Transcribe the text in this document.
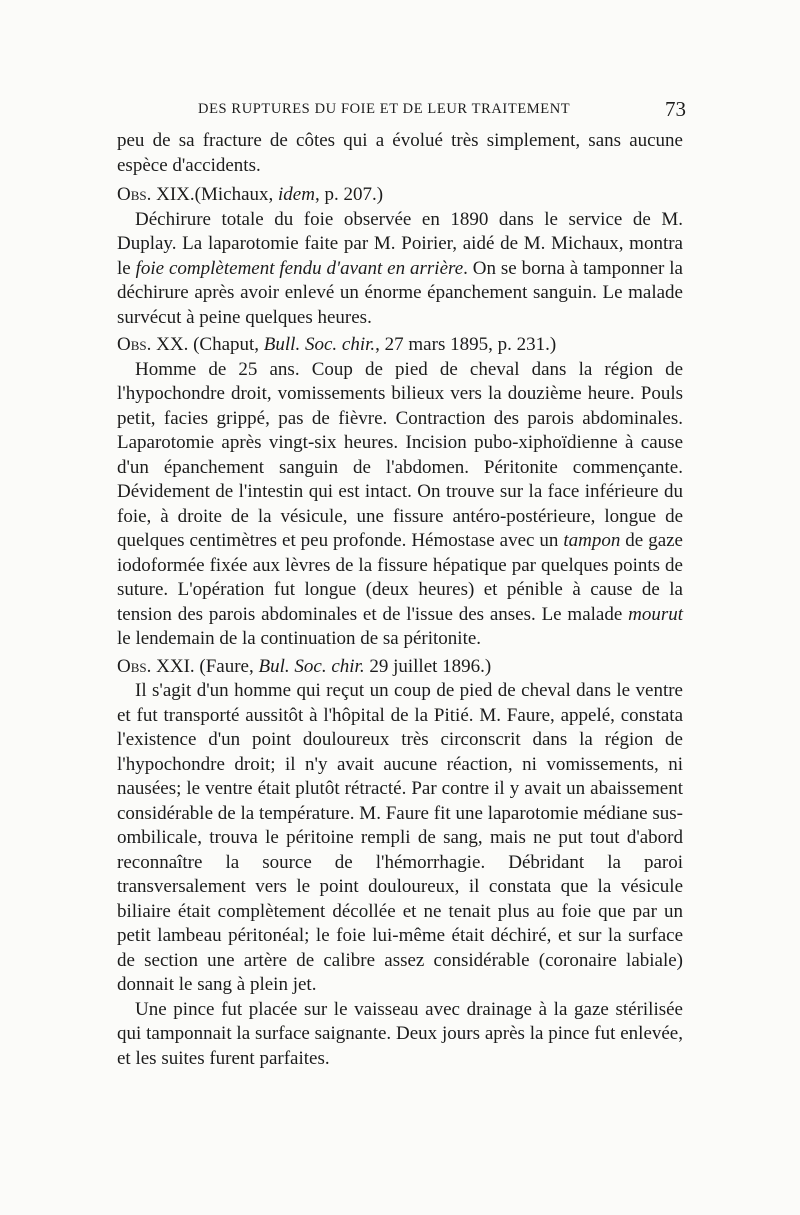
DES RUPTURES DU FOIE ET DE LEUR TRAITEMENT	73

peu de sa fracture de côtes qui a évolué très simplement, sans aucune espèce d'accidents.

Obs. XIX.(Michaux, idem, p. 207.)

Déchirure totale du foie observée en 1890 dans le service de M. Duplay. La laparotomie faite par M. Poirier, aidé de M. Michaux, montra le foie complètement fendu d'avant en arrière. On se borna à tamponner la déchirure après avoir enlevé un énorme épanchement sanguin. Le malade survécut à peine quelques heures.

Obs. XX. (Chaput, Bull. Soc. chir., 27 mars 1895, p. 231.)

Homme de 25 ans. Coup de pied de cheval dans la région de l'hypochondre droit, vomissements bilieux vers la douzième heure. Pouls petit, facies grippé, pas de fièvre. Contraction des parois abdominales. Laparotomie après vingt-six heures. Incision pubo-xiphoïdienne à cause d'un épanchement sanguin de l'abdomen. Péritonite commençante. Dévidement de l'intestin qui est intact. On trouve sur la face inférieure du foie, à droite de la vésicule, une fissure antéro-postérieure, longue de quelques centimètres et peu profonde. Hémostase avec un tampon de gaze iodoformée fixée aux lèvres de la fissure hépatique par quelques points de suture. L'opération fut longue (deux heures) et pénible à cause de la tension des parois abdominales et de l'issue des anses. Le malade mourut le lendemain de la continuation de sa péritonite.

Obs. XXI. (Faure, Bul. Soc. chir. 29 juillet 1896.)

Il s'agit d'un homme qui reçut un coup de pied de cheval dans le ventre et fut transporté aussitôt à l'hôpital de la Pitié. M. Faure, appelé, constata l'existence d'un point douloureux très circonscrit dans la région de l'hypochondre droit; il n'y avait aucune réaction, ni vomissements, ni nausées; le ventre était plutôt rétracté. Par contre il y avait un abaissement considérable de la température. M. Faure fit une laparotomie médiane sus-ombilicale, trouva le péritoine rempli de sang, mais ne put tout d'abord reconnaître la source de l'hémorrhagie. Débridant la paroi transversalement vers le point douloureux, il constata que la vésicule biliaire était complètement décollée et ne tenait plus au foie que par un petit lambeau péritonéal; le foie lui-même était déchiré, et sur la surface de section une artère de calibre assez considérable (coronaire labiale) donnait le sang à plein jet.

Une pince fut placée sur le vaisseau avec drainage à la gaze stérilisée qui tamponnait la surface saignante. Deux jours après la pince fut enlevée, et les suites furent parfaites.
